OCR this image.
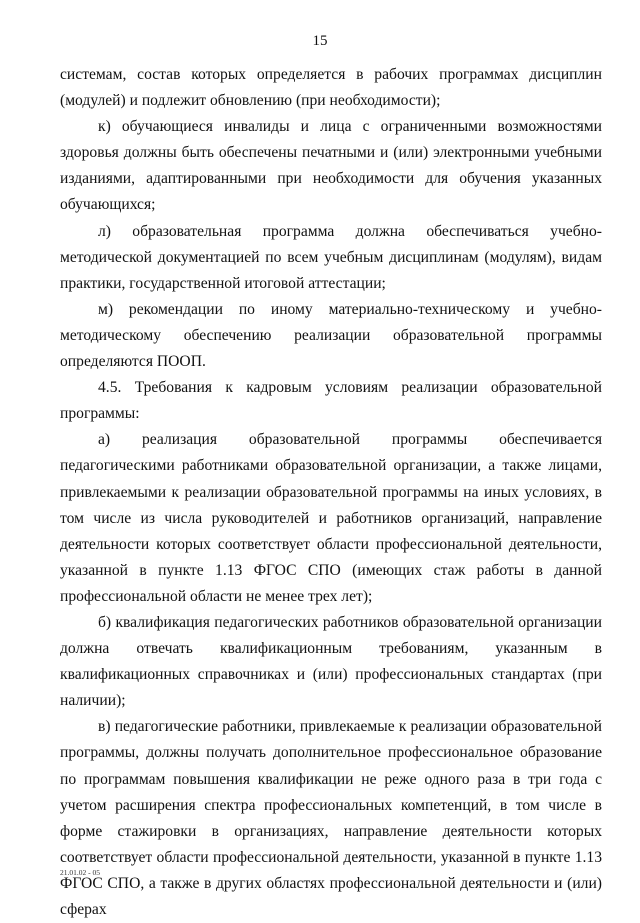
15

системам, состав которых определяется в рабочих программах дисциплин (модулей) и подлежит обновлению (при необходимости);

к) обучающиеся инвалиды и лица с ограниченными возможностями здоровья должны быть обеспечены печатными и (или) электронными учебными изданиями, адаптированными при необходимости для обучения указанных обучающихся;

л) образовательная программа должна обеспечиваться учебно-методической документацией по всем учебным дисциплинам (модулям), видам практики, государственной итоговой аттестации;

м) рекомендации по иному материально-техническому и учебно-методическому обеспечению реализации образовательной программы определяются ПООП.

4.5. Требования к кадровым условиям реализации образовательной программы:

а) реализация образовательной программы обеспечивается педагогическими работниками образовательной организации, а также лицами, привлекаемыми к реализации образовательной программы на иных условиях, в том числе из числа руководителей и работников организаций, направление деятельности которых соответствует области профессиональной деятельности, указанной в пункте 1.13 ФГОС СПО (имеющих стаж работы в данной профессиональной области не менее трех лет);

б) квалификация педагогических работников образовательной организации должна отвечать квалификационным требованиям, указанным в квалификационных справочниках и (или) профессиональных стандартах (при наличии);

в) педагогические работники, привлекаемые к реализации образовательной программы, должны получать дополнительное профессиональное образование по программам повышения квалификации не реже одного раза в три года с учетом расширения спектра профессиональных компетенций, в том числе в форме стажировки в организациях, направление деятельности которых соответствует области профессиональной деятельности, указанной в пункте 1.13 ФГОС СПО, а также в других областях профессиональной деятельности и (или) сферах

21.01.02 - 05
